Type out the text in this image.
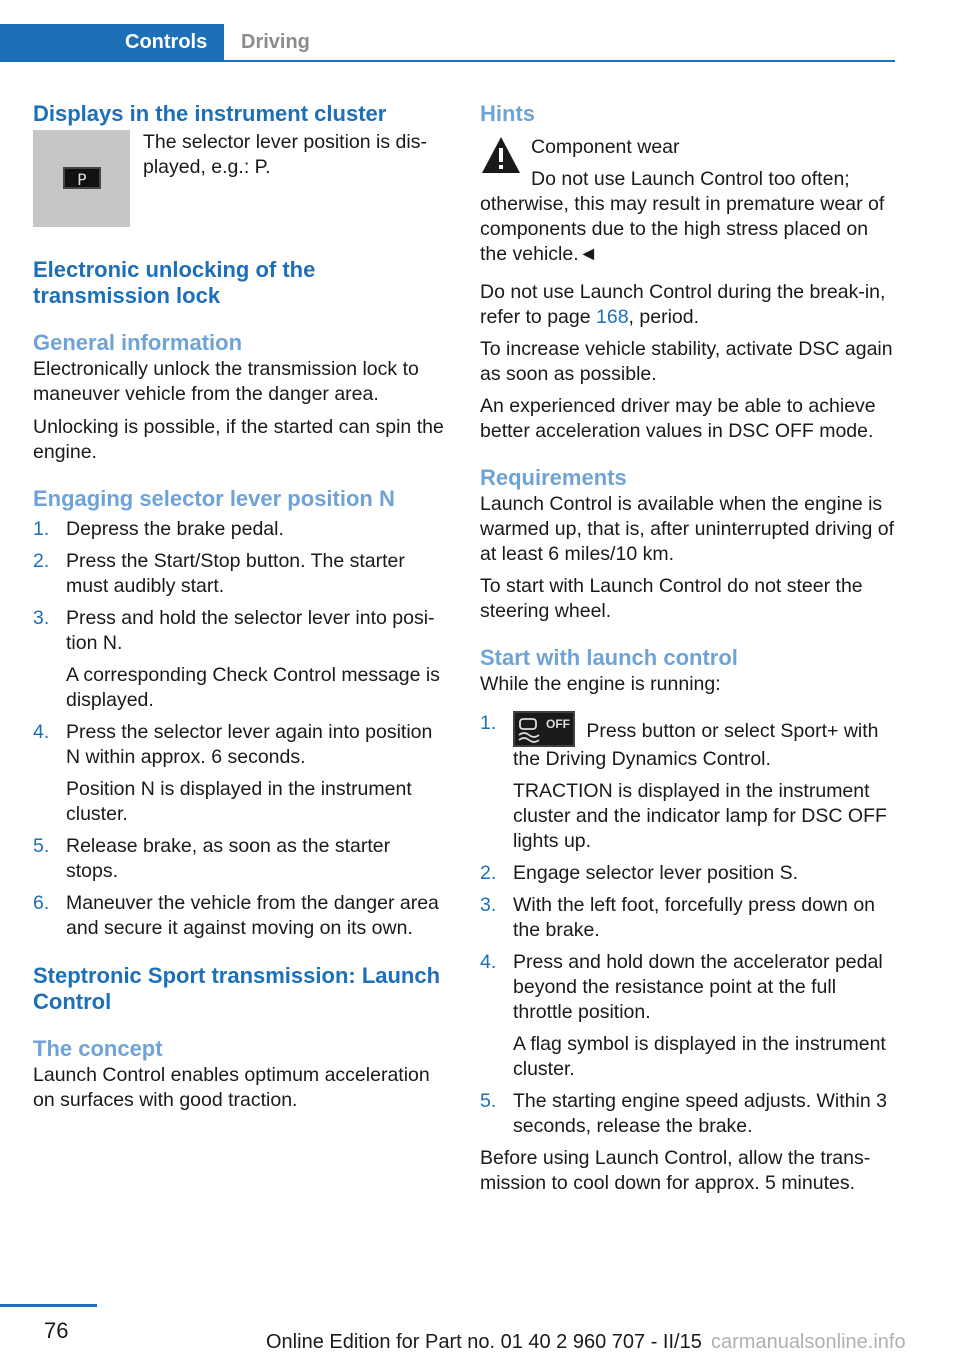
Controls	Driving
Displays in the instrument cluster
P

The selector lever position is displayed, e.g.: P.

Electronic unlocking of the transmission lock
General information

Electronically unlock the transmission lock to maneuver vehicle from the danger area.

Unlocking is possible, if the started can spin the engine.

Engaging selector lever position N
1. Depress the brake pedal.
2. Press the Start/Stop button. The starter must audibly start.
3. Press and hold the selector lever into position N.
A corresponding Check Control message is displayed.
4. Press the selector lever again into position N within approx. 6 seconds.
Position N is displayed in the instrument cluster.
5. Release brake, as soon as the starter stops.
6. Maneuver the vehicle from the danger area and secure it against moving on its own.
Steptronic Sport transmission: Launch Control
The concept

Launch Control enables optimum acceleration on surfaces with good traction.

Hints

Component wear

Do not use Launch Control too often;

otherwise, this may result in premature wear of components due to the high stress placed on the vehicle.◄

Do not use Launch Control during the break-in, refer to page 168, period.

To increase vehicle stability, activate DSC again as soon as possible.

An experienced driver may be able to achieve better acceleration values in DSC OFF mode.

Requirements

Launch Control is available when the engine is warmed up, that is, after uninterrupted driving of at least 6 miles/10 km.

To start with Launch Control do not steer the steering wheel.

Start with launch control

While the engine is running:

1.	OFF Press button or select Sport+ with the Driving Dynamics Control.
TRACTION is displayed in the instrument cluster and the indicator lamp for DSC OFF lights up.
2. Engage selector lever position S.
3. With the left foot, forcefully press down on the brake.
4. Press and hold down the accelerator pedal beyond the resistance point at the full throttle position.
A flag symbol is displayed in the instrument cluster.
5. The starting engine speed adjusts. Within 3 seconds, release the brake.

Before using Launch Control, allow the transmission to cool down for approx. 5 minutes.

76	Online Edition for Part no. 01 40 2 960 707 - II/15 carmanualsonline.info
